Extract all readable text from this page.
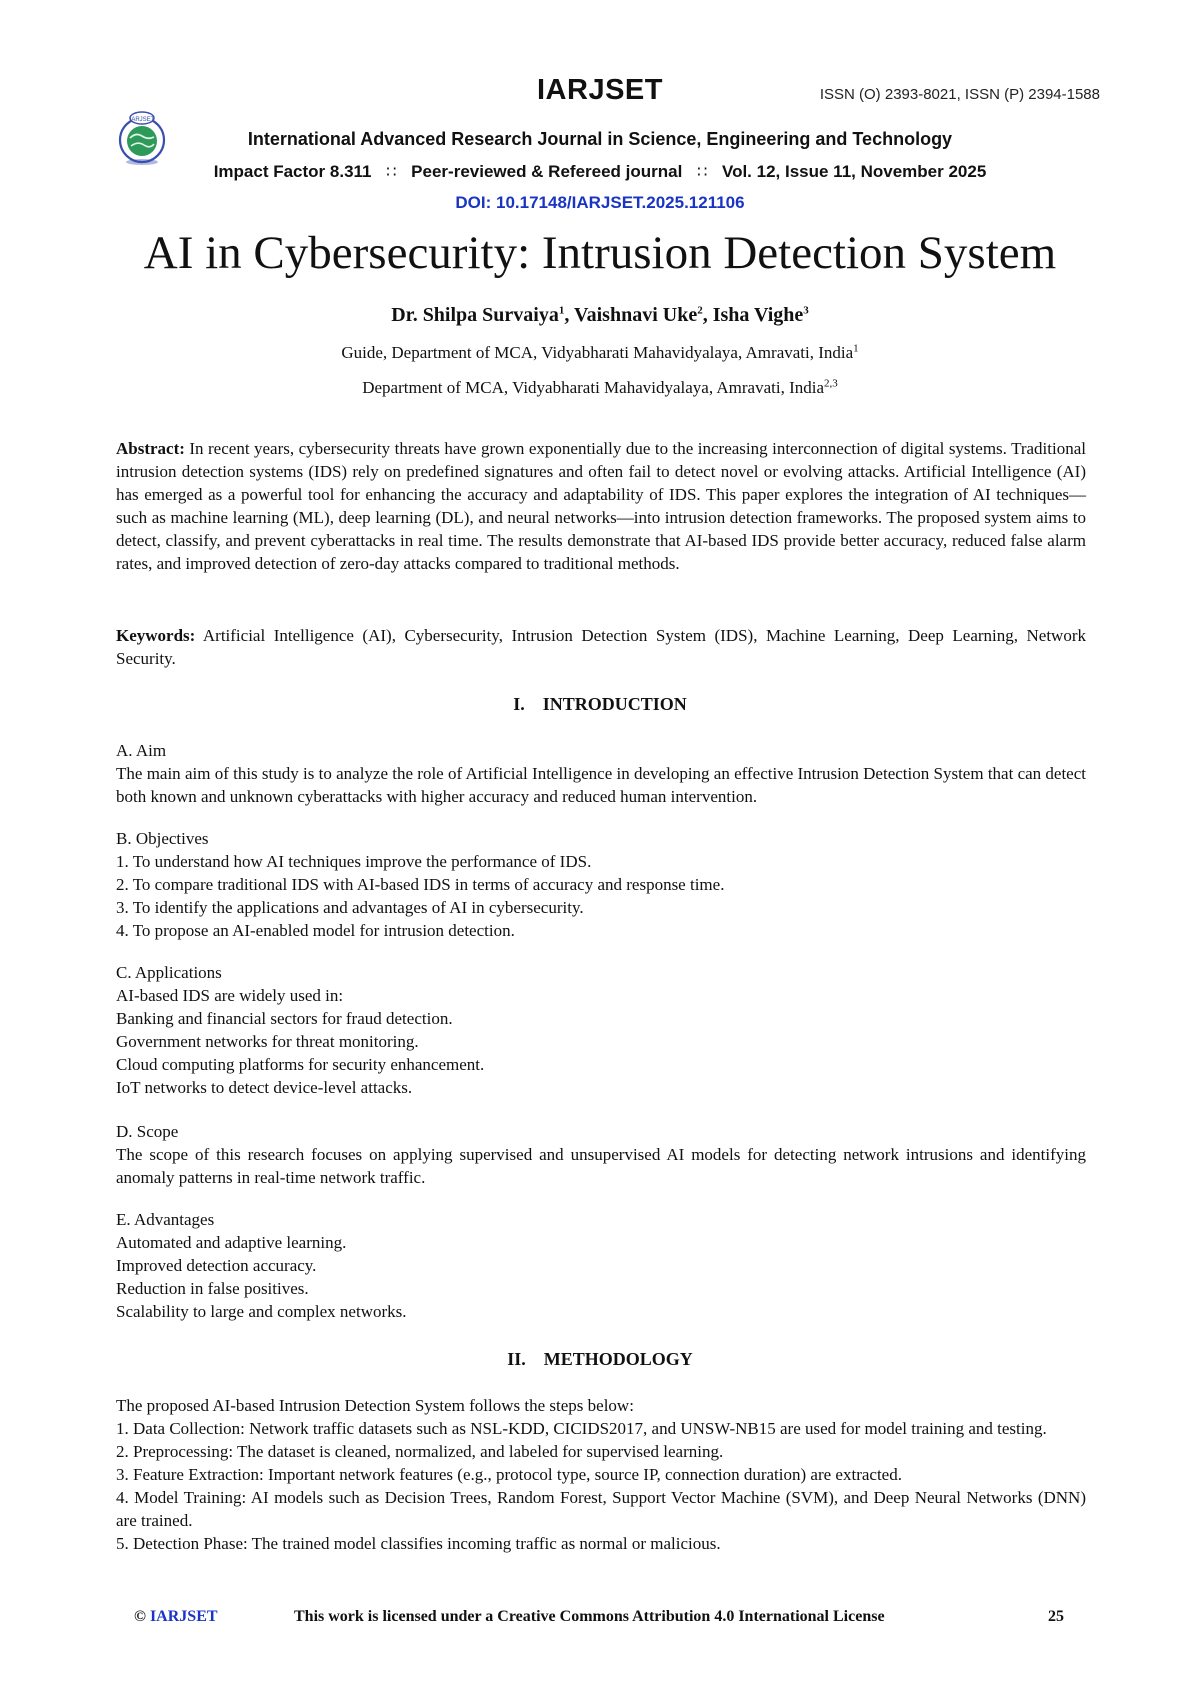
IARJSET	ISSN (O) 2393-8021, ISSN (P) 2394-1588
IARJSET
International Advanced Research Journal in Science, Engineering and Technology
Impact Factor 8.311 ∷ Peer-reviewed & Refereed journal ∷ Vol. 12, Issue 11, November 2025
DOI: 10.17148/IARJSET.2025.121106
AI in Cybersecurity: Intrusion Detection System
Dr. Shilpa Survaiya$^1$, Vaishnavi Uke$^2$, Isha Vighe$^3$
Guide, Department of MCA, Vidyabharati Mahavidyalaya, Amravati, India$^1$
Department of MCA, Vidyabharati Mahavidyalaya, Amravati, India$^{2,3}$
Abstract: In recent years, cybersecurity threats have grown exponentially due to the increasing interconnection of digital systems. Traditional intrusion detection systems (IDS) rely on predefined signatures and often fail to detect novel or evolving attacks. Artificial Intelligence (AI) has emerged as a powerful tool for enhancing the accuracy and adaptability of IDS. This paper explores the integration of AI techniques—such as machine learning (ML), deep learning (DL), and neural networks—into intrusion detection frameworks. The proposed system aims to detect, classify, and prevent cyberattacks in real time. The results demonstrate that AI-based IDS provide better accuracy, reduced false alarm rates, and improved detection of zero-day attacks compared to traditional methods.
Keywords: Artificial Intelligence (AI), Cybersecurity, Intrusion Detection System (IDS), Machine Learning, Deep Learning, Network Security.
I. INTRODUCTION
A. Aim
The main aim of this study is to analyze the role of Artificial Intelligence in developing an effective Intrusion Detection System that can detect both known and unknown cyberattacks with higher accuracy and reduced human intervention.
B. Objectives
1. To understand how AI techniques improve the performance of IDS.
2. To compare traditional IDS with AI-based IDS in terms of accuracy and response time.
3. To identify the applications and advantages of AI in cybersecurity.
4. To propose an AI-enabled model for intrusion detection.
C. Applications
AI-based IDS are widely used in:
Banking and financial sectors for fraud detection.
Government networks for threat monitoring.
Cloud computing platforms for security enhancement.
IoT networks to detect device-level attacks.
D. Scope
The scope of this research focuses on applying supervised and unsupervised AI models for detecting network intrusions and identifying anomaly patterns in real-time network traffic.
E. Advantages
Automated and adaptive learning.
Improved detection accuracy.
Reduction in false positives.
Scalability to large and complex networks.
II. METHODOLOGY
The proposed AI-based Intrusion Detection System follows the steps below:
1. Data Collection: Network traffic datasets such as NSL-KDD, CICIDS2017, and UNSW-NB15 are used for model training and testing.
2. Preprocessing: The dataset is cleaned, normalized, and labeled for supervised learning.
3. Feature Extraction: Important network features (e.g., protocol type, source IP, connection duration) are extracted.
4. Model Training: AI models such as Decision Trees, Random Forest, Support Vector Machine (SVM), and Deep Neural Networks (DNN) are trained.
5. Detection Phase: The trained model classifies incoming traffic as normal or malicious.
© IARJSET	This work is licensed under a Creative Commons Attribution 4.0 International License	25
